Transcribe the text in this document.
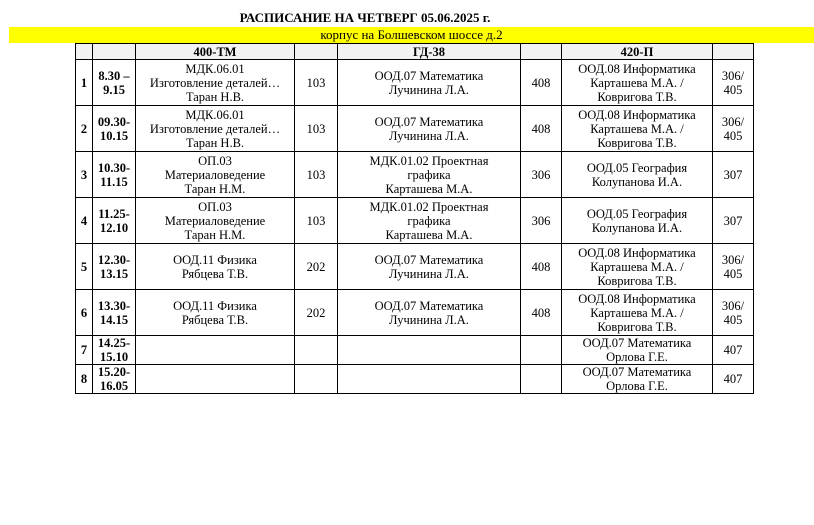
РАСПИСАНИЕ НА ЧЕТВЕРГ 05.06.2025 г.
корпус на Болшевском шоссе д.2
		400-ТМ		ГД-38		420-П	
1	8.30 –
9.15	МДК.06.01
Изготовление деталей…
Таран Н.В.	103	ООД.07 Математика
Лучинина Л.А.	408	ООД.08 Информатика
Карташева М.А. /
Ковригова Т.В.	306/
405

2	09.30-
10.15	МДК.06.01
Изготовление деталей…
Таран Н.В.	103	ООД.07 Математика
Лучинина Л.А.	408	ООД.08 Информатика
Карташева М.А. /
Ковригова Т.В.	306/
405

3	10.30-
11.15	ОП.03
Материаловедение
Таран Н.М.	103	МДК.01.02 Проектная
графика
Карташева М.А.	306	ООД.05 География
Колупанова И.А.	307

4	11.25-
12.10	ОП.03
Материаловедение
Таран Н.М.	103	МДК.01.02 Проектная
графика
Карташева М.А.	306	ООД.05 География
Колупанова И.А.	307

5	12.30-
13.15	ООД.11 Физика
Рябцева Т.В.	202	ООД.07 Математика
Лучинина Л.А.	408	ООД.08 Информатика
Карташева М.А. /
Ковригова Т.В.	306/
405

6	13.30-
14.15	ООД.11 Физика
Рябцева Т.В.	202	ООД.07 Математика
Лучинина Л.А.	408	ООД.08 Информатика
Карташева М.А. /
Ковригова Т.В.	306/
405

7	14.25-
15.10					ООД.07 Математика
Орлова Г.Е.	407

8	15.20-
16.05					ООД.07 Математика
Орлова Г.Е.	407
